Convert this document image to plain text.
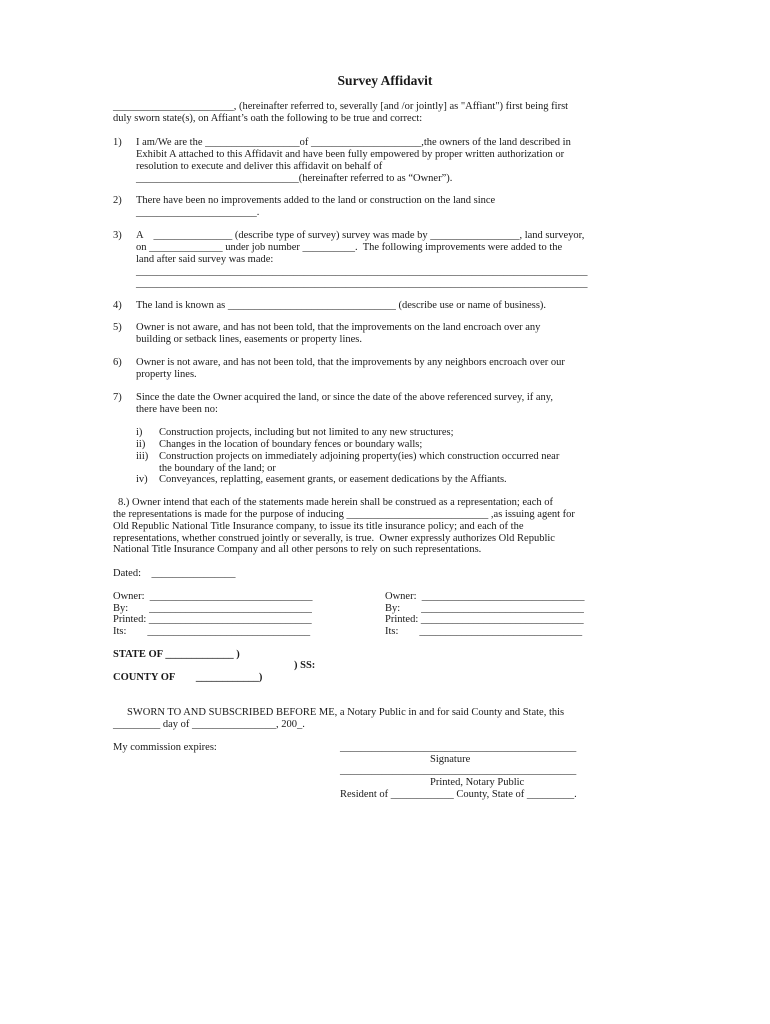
Survey Affidavit
_______________________, (hereinafter referred to, severally [and /or jointly] as "Affiant") first being first
duly sworn state(s), on Affiant’s oath the following to be true and correct:
1) I am/We are the __________________of _____________________,the owners of the land described in
Exhibit A attached to this Affidavit and have been fully empowered by proper written authorization or
resolution to execute and deliver this affidavit on behalf of
_______________________________(hereinafter referred to as “Owner”).
2) There have been no improvements added to the land or construction on the land since
_______________________.
3) A    _______________ (describe type of survey) survey was made by _________________, land surveyor,
on ______________ under job number __________.  The following improvements were added to the
land after said survey was made:
______________________________________________________________________________________
______________________________________________________________________________________
4) The land is known as ________________________________ (describe use or name of business).
5) Owner is not aware, and has not been told, that the improvements on the land encroach over any
building or setback lines, easements or property lines.
6) Owner is not aware, and has not been told, that the improvements by any neighbors encroach over our
property lines.
7) Since the date the Owner acquired the land, or since the date of the above referenced survey, if any,
there have been no:
i) Construction projects, including but not limited to any new structures;
ii) Changes in the location of boundary fences or boundary walls;
iii) Construction projects on immediately adjoining property(ies) which construction occurred near
the boundary of the land; or
iv) Conveyances, replatting, easement grants, or easement dedications by the Affiants.
8.) Owner intend that each of the statements made herein shall be construed as a representation; each of
the representations is made for the purpose of inducing ___________________________ ,as issuing agent for
Old Republic National Title Insurance company, to issue its title insurance policy; and each of the
representations, whether construed jointly or severally, is true.  Owner expressly authorizes Old Republic
National Title Insurance Company and all other persons to rely on such representations.
Dated:    ________________
Owner:  _______________________________
By:        _______________________________
Printed: _______________________________
Its:        _______________________________
Owner:  _______________________________
By:        _______________________________
Printed: _______________________________
Its:        _______________________________
STATE OF _____________ )
) SS:
COUNTY OF        ____________)
SWORN TO AND SUBSCRIBED BEFORE ME, a Notary Public in and for said County and State, this
_________ day of ________________, 200_.
My commission expires:	_____________________________________________
Signature
_____________________________________________
Printed, Notary Public
Resident of ____________ County, State of _________.
